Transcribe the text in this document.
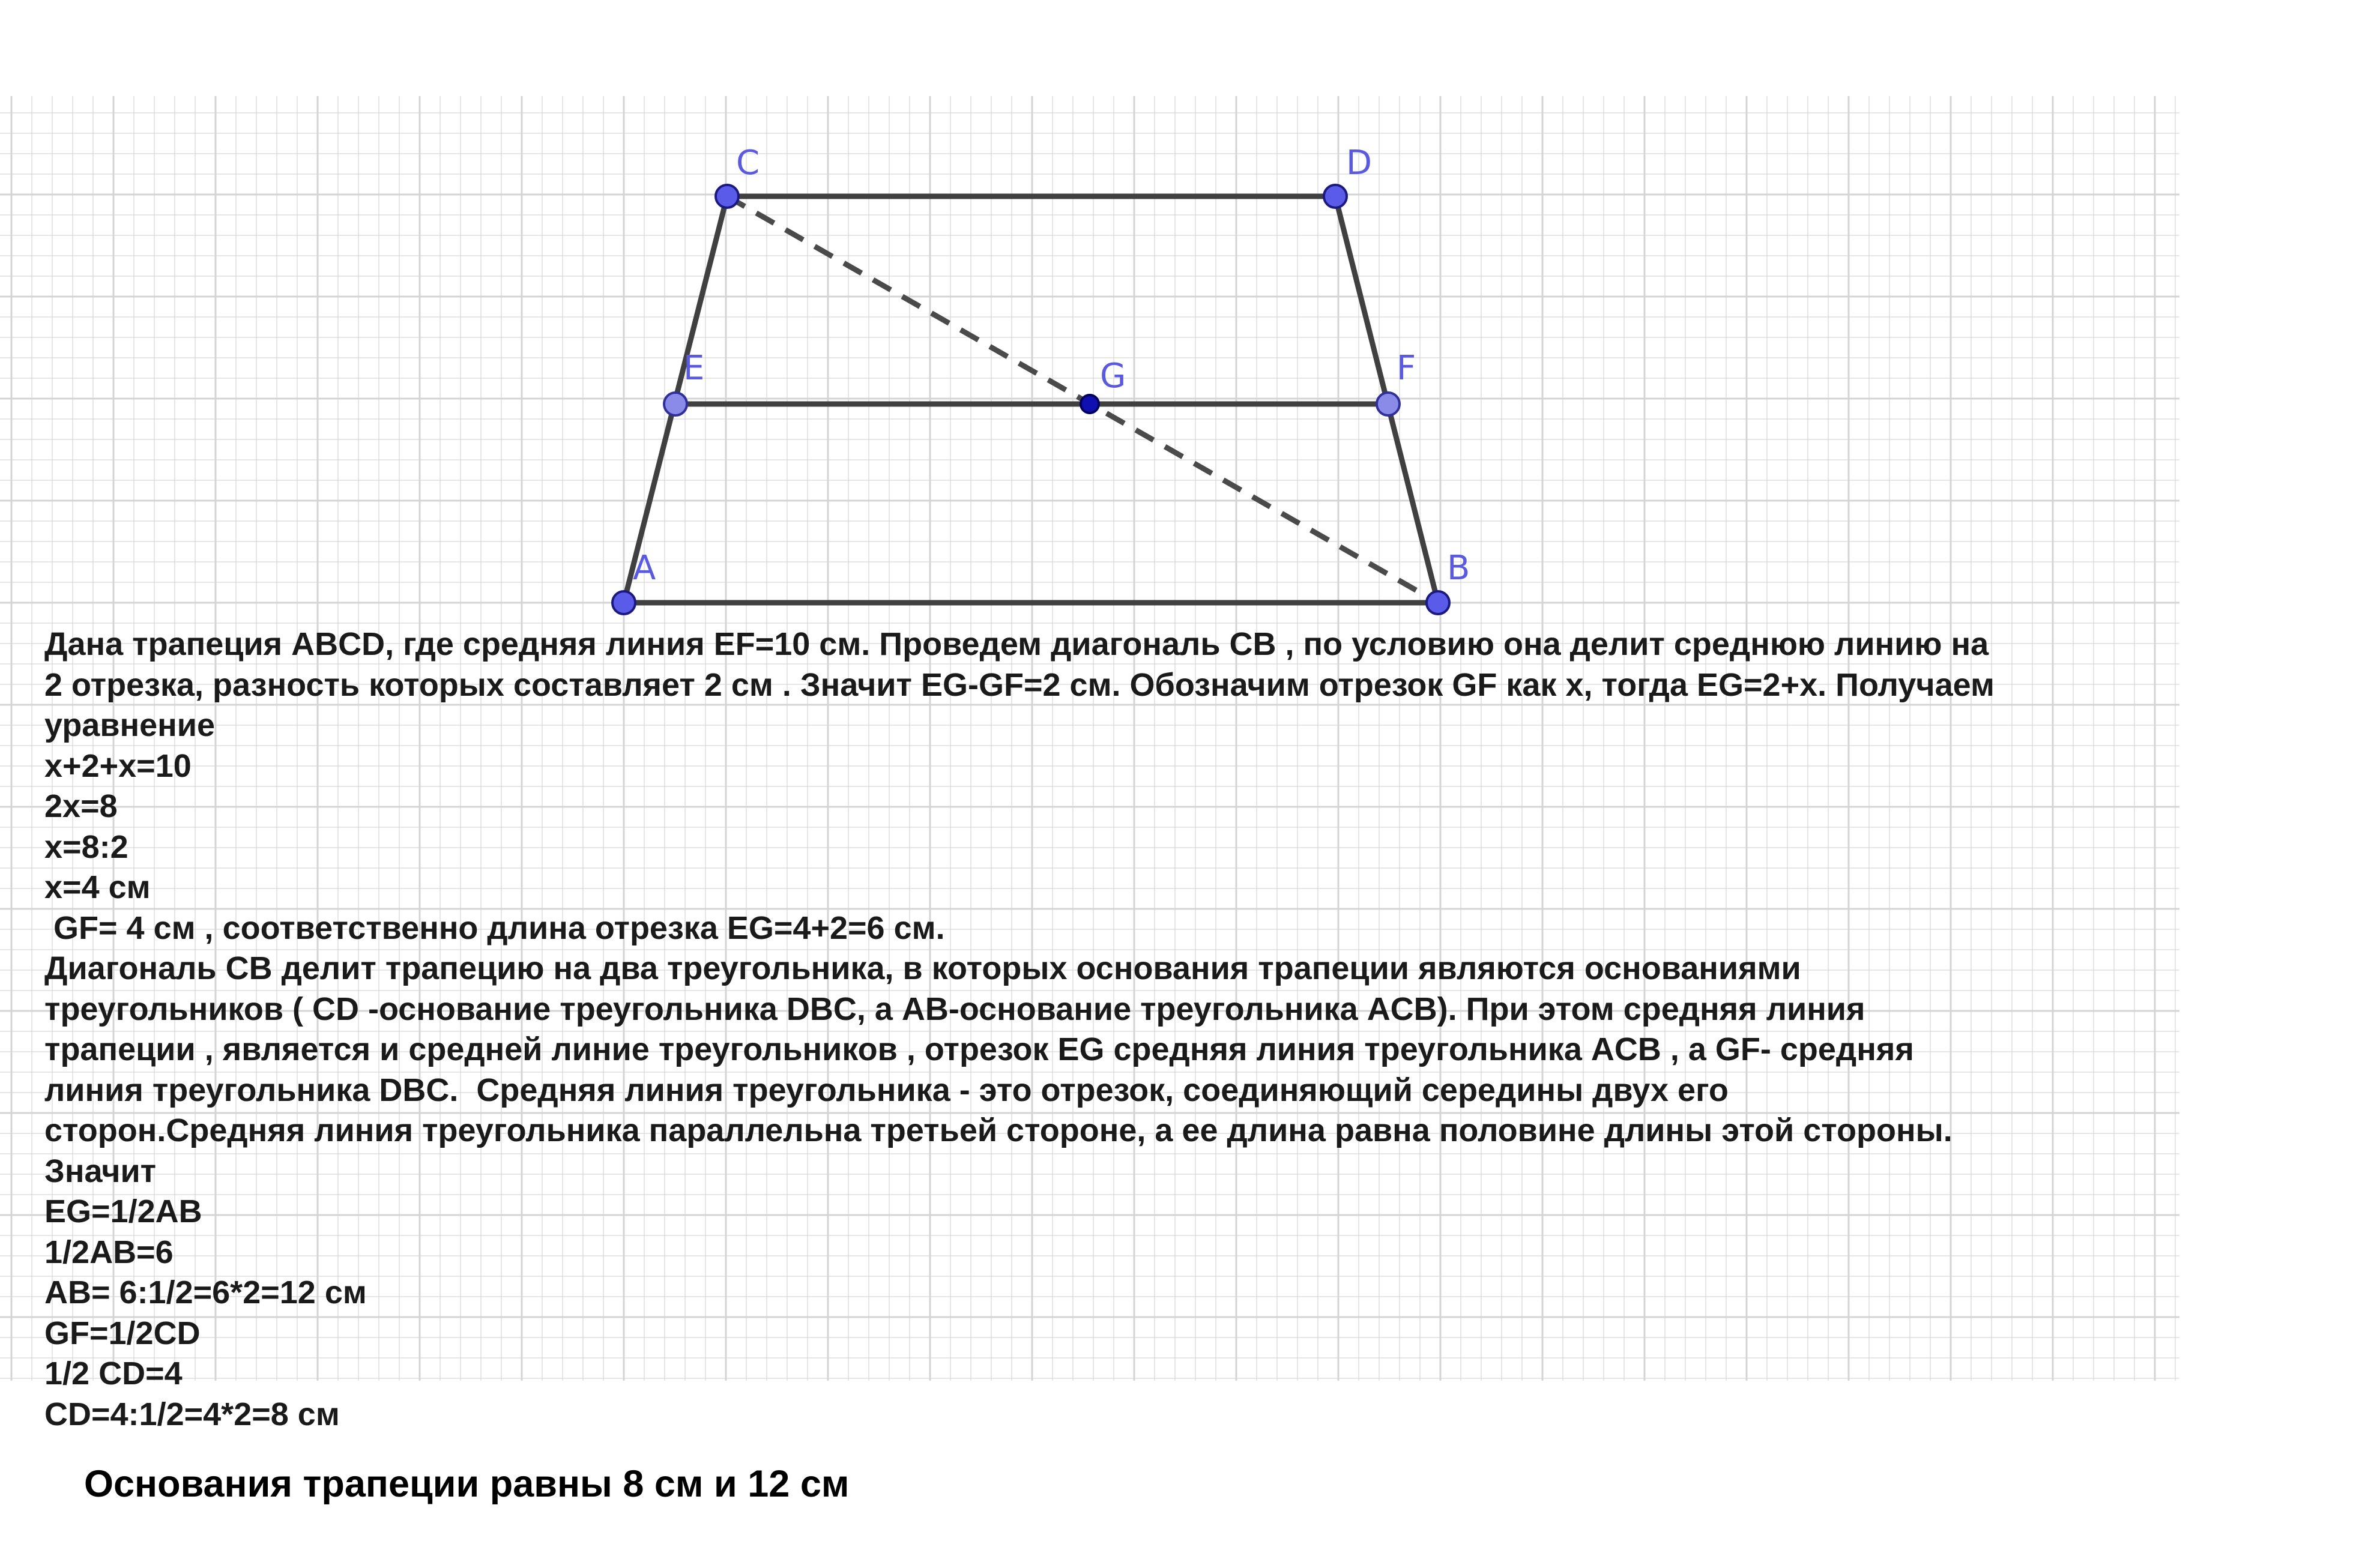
C	D
E	G	F
A	B
Дана трапеция ABCD, где средняя линия EF=10 см. Проведем диагональ CB , по условию она делит среднюю линию на
2 отрезка, разность которых составляет 2 см . Значит EG-GF=2 см. Обозначим отрезок GF как x, тогда EG=2+x. Получаем
уравнение
x+2+x=10
2x=8
x=8:2
x=4 см
GF= 4 см , соответственно длина отрезка EG=4+2=6 см.
Диагональ CB делит трапецию на два треугольника, в которых основания трапеции являются основаниями
треугольников ( CD -основание треугольника DBC, а AB-основание треугольника ACB). При этом средняя линия
трапеции , является и средней линие треугольников , отрезок EG средняя линия треугольника ACB , а GF- средняя
линия треугольника DBC.  Средняя линия треугольника - это отрезок, соединяющий середины двух его
сторон.Средняя линия треугольника параллельна третьей стороне, а ее длина равна половине длины этой стороны.
Значит
EG=1/2AB
1/2AB=6
AB= 6:1/2=6*2=12 см
GF=1/2CD
1/2 CD=4
CD=4:1/2=4*2=8 см
Основания трапеции равны 8 см и 12 см
